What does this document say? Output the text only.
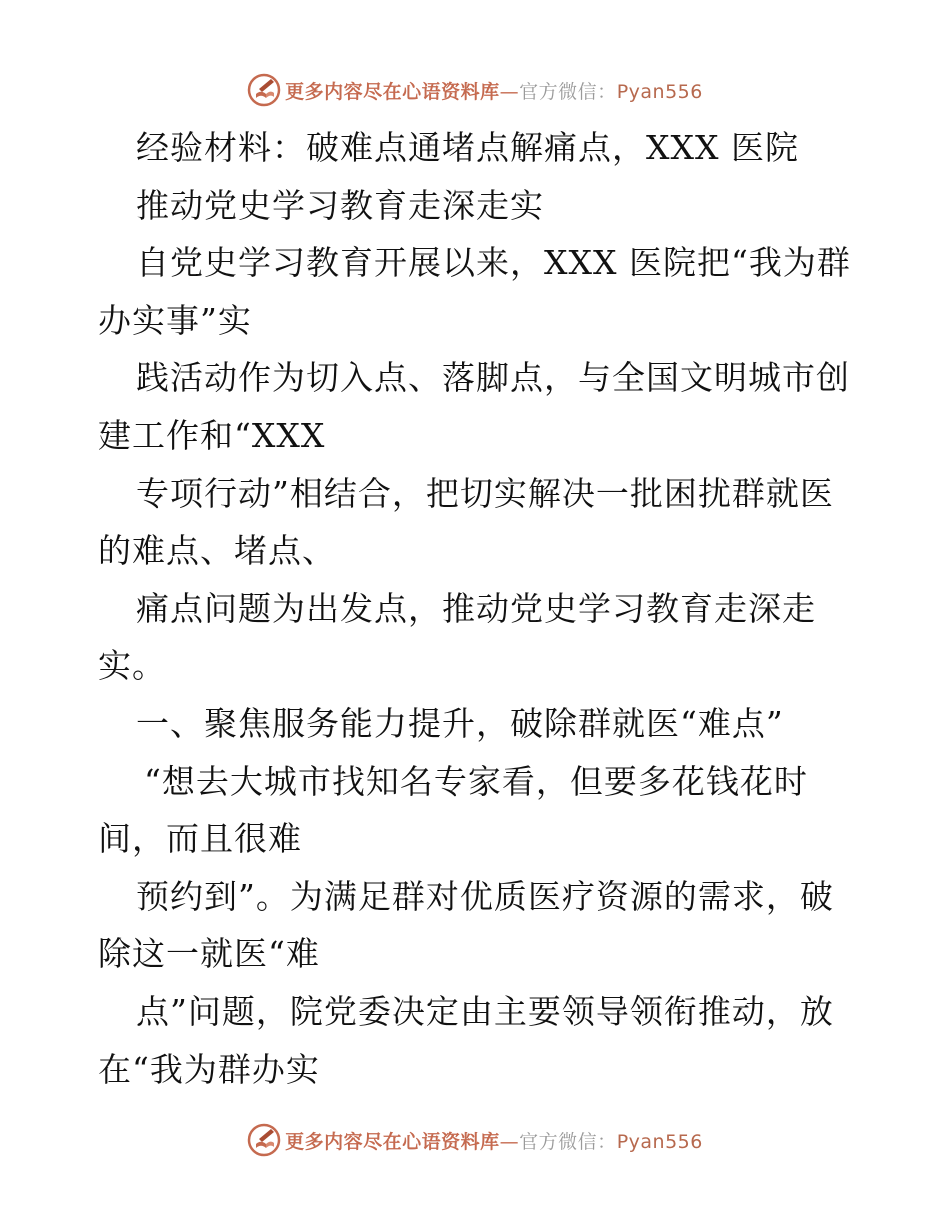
更多内容尽在心语资料库—官方微信：Pyan556
经验材料：破难点通堵点解痛点，XXX 医院
推动党史学习教育走深走实
自党史学习教育开展以来，XXX 医院把“我为群
办实事”实
践活动作为切入点、落脚点，与全国文明城市创
建工作和“XXX
专项行动”相结合，把切实解决一批困扰群就医
的难点、堵点、
痛点问题为出发点，推动党史学习教育走深走
实。
一、聚焦服务能力提升，破除群就医“难点”
“想去大城市找知名专家看，但要多花钱花时
间，而且很难
预约到”。为满足群对优质医疗资源的需求，破
除这一就医“难
点”问题，院党委决定由主要领导领衔推动，放
在“我为群办实
更多内容尽在心语资料库—官方微信：Pyan556
